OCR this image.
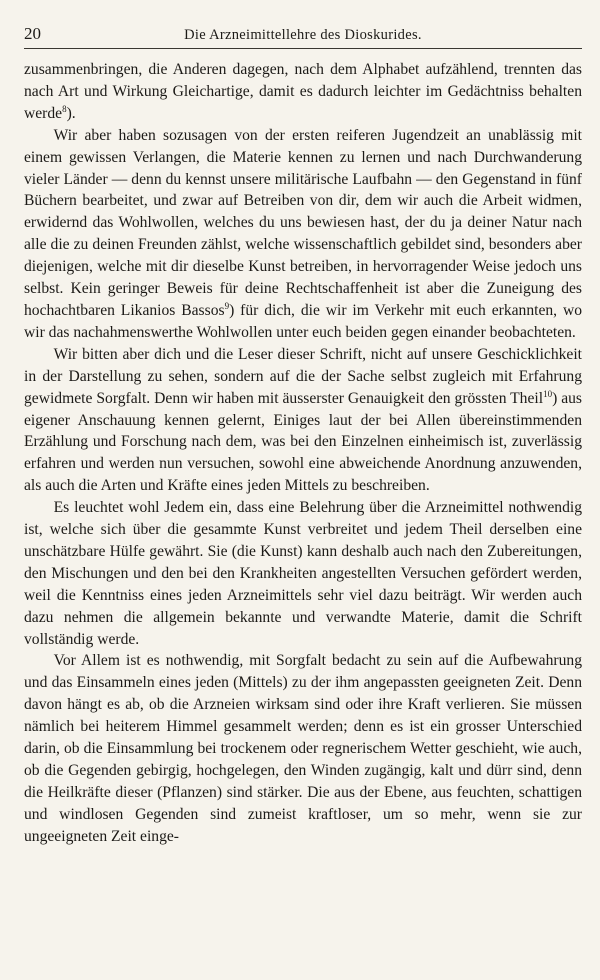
20	Die Arzneimittellehre des Dioskurides.

zusammenbringen, die Anderen dagegen, nach dem Alphabet aufzählend, trennten das nach Art und Wirkung Gleichartige, damit es dadurch leichter im Gedächtniss behalten werde$^8$).

Wir aber haben sozusagen von der ersten reiferen Jugendzeit an unablässig mit einem gewissen Verlangen, die Materie kennen zu lernen und nach Durchwanderung vieler Länder — denn du kennst unsere militärische Laufbahn — den Gegenstand in fünf Büchern bearbeitet, und zwar auf Betreiben von dir, dem wir auch die Arbeit widmen, erwidernd das Wohlwollen, welches du uns bewiesen hast, der du ja deiner Natur nach alle die zu deinen Freunden zählst, welche wissenschaftlich gebildet sind, besonders aber diejenigen, welche mit dir dieselbe Kunst betreiben, in hervorragender Weise jedoch uns selbst. Kein geringer Beweis für deine Rechtschaffenheit ist aber die Zuneigung des hochachtbaren Likanios Bassos$^9$) für dich, die wir im Verkehr mit euch erkannten, wo wir das nachahmenswerthe Wohlwollen unter euch beiden gegen einander beobachteten.

Wir bitten aber dich und die Leser dieser Schrift, nicht auf unsere Geschicklichkeit in der Darstellung zu sehen, sondern auf die der Sache selbst zugleich mit Erfahrung gewidmete Sorgfalt. Denn wir haben mit äusserster Genauigkeit den grössten Theil$^{10}$) aus eigener Anschauung kennen gelernt, Einiges laut der bei Allen übereinstimmenden Erzählung und Forschung nach dem, was bei den Einzelnen einheimisch ist, zuverlässig erfahren und werden nun versuchen, sowohl eine abweichende Anordnung anzuwenden, als auch die Arten und Kräfte eines jeden Mittels zu beschreiben.

Es leuchtet wohl Jedem ein, dass eine Belehrung über die Arzneimittel nothwendig ist, welche sich über die gesammte Kunst verbreitet und jedem Theil derselben eine unschätzbare Hülfe gewährt. Sie (die Kunst) kann deshalb auch nach den Zubereitungen, den Mischungen und den bei den Krankheiten angestellten Versuchen gefördert werden, weil die Kenntniss eines jeden Arzneimittels sehr viel dazu beiträgt. Wir werden auch dazu nehmen die allgemein bekannte und verwandte Materie, damit die Schrift vollständig werde.

Vor Allem ist es nothwendig, mit Sorgfalt bedacht zu sein auf die Aufbewahrung und das Einsammeln eines jeden (Mittels) zu der ihm angepassten geeigneten Zeit. Denn davon hängt es ab, ob die Arzneien wirksam sind oder ihre Kraft verlieren. Sie müssen nämlich bei heiterem Himmel gesammelt werden; denn es ist ein grosser Unterschied darin, ob die Einsammlung bei trockenem oder regnerischem Wetter geschieht, wie auch, ob die Gegenden gebirgig, hochgelegen, den Winden zugängig, kalt und dürr sind, denn die Heilkräfte dieser (Pflanzen) sind stärker. Die aus der Ebene, aus feuchten, schattigen und windlosen Gegenden sind zumeist kraftloser, um so mehr, wenn sie zur ungeeigneten Zeit einge-
